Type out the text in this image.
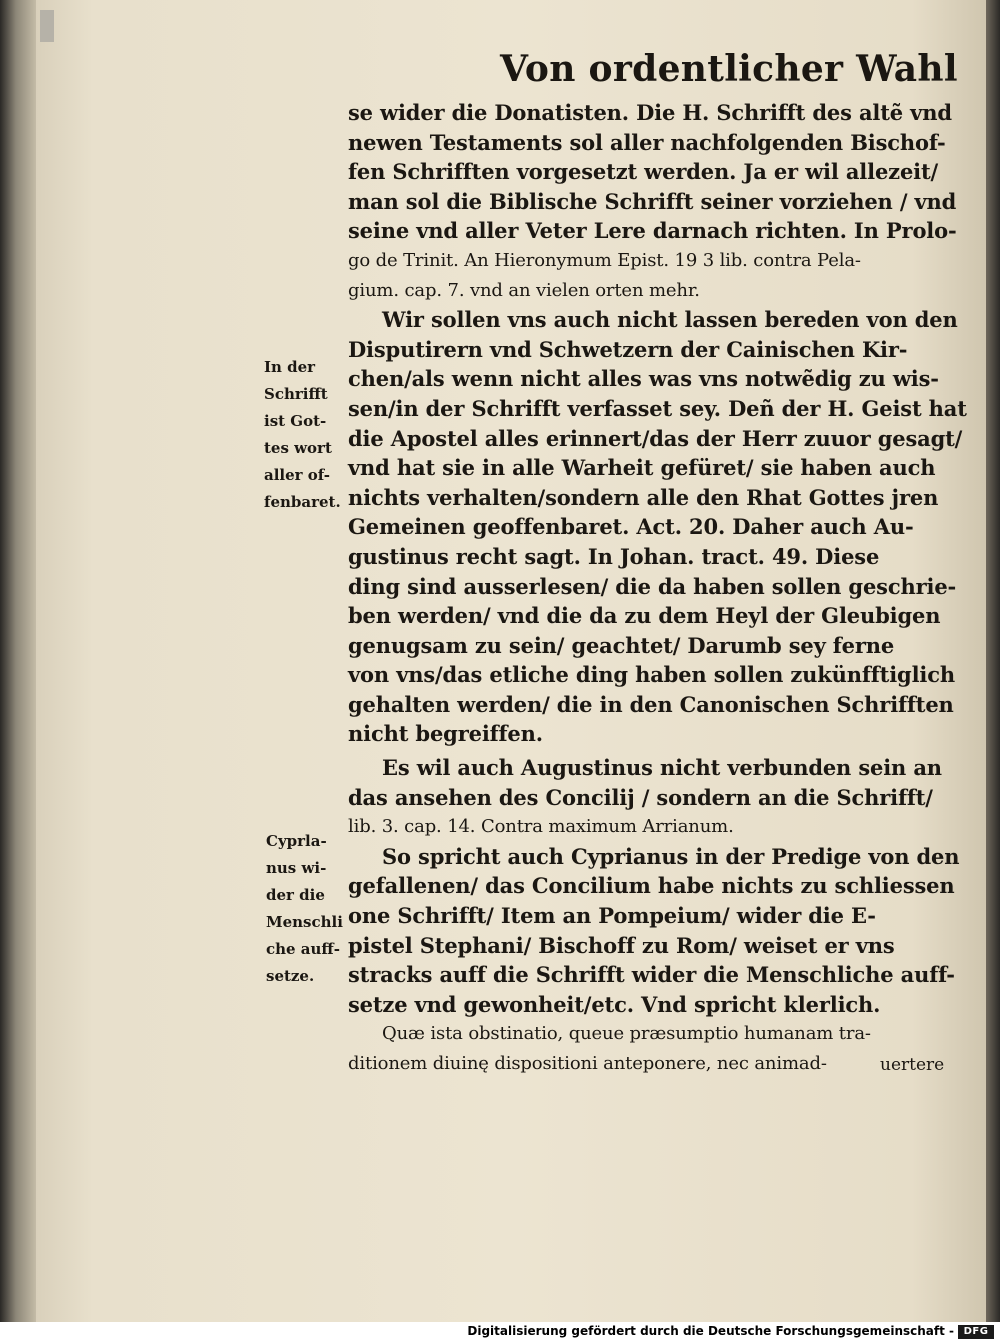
Von ordentlicher Wahl
se wider die Donatisten. Die H. Schrifft des altẽ vnd
newen Testaments sol aller nachfolgenden Bischof-
fen Schrifften vorgesetzt werden. Ja er wil allezeit/
man sol die Biblische Schrifft seiner vorziehen / vnd
seine vnd aller Veter Lere darnach richten. In Prolo-
go de Trinit. An Hieronymum Epist. 19 3 lib. contra Pela-
gium. cap. 7. vnd an vielen orten mehr.
Wir sollen vns auch nicht lassen bereden von den
Disputirern vnd Schwetzern der Cainischen Kir-
chen/als wenn nicht alles was vns notwẽdig zu wis-
sen/in der Schrifft verfasset sey. Deñ der H. Geist hat
die Apostel alles erinnert/das der Herr zuuor gesagt/
vnd hat sie in alle Warheit gefüret/ sie haben auch
nichts verhalten/sondern alle den Rhat Gottes jren
Gemeinen geoffenbaret. Act. 20. Daher auch Au-
gustinus recht sagt. In Johan. tract. 49. Diese
ding sind ausserlesen/ die da haben sollen geschrie-
ben werden/ vnd die da zu dem Heyl der Gleubigen
genugsam zu sein/ geachtet/ Darumb sey ferne
von vns/das etliche ding haben sollen zukünfftiglich
gehalten werden/ die in den Canonischen Schrifften
nicht begreiffen.
Es wil auch Augustinus nicht verbunden sein an
das ansehen des Concilij / sondern an die Schrifft/
lib. 3. cap. 14. Contra maximum Arrianum.
So spricht auch Cyprianus in der Predige von den
gefallenen/ das Concilium habe nichts zu schliessen
one Schrifft/ Item an Pompeium/ wider die E-
pistel Stephani/ Bischoff zu Rom/ weiset er vns
stracks auff die Schrifft wider die Menschliche auff-
setze vnd gewonheit/etc. Vnd spricht klerlich.
Quæ ista obstinatio, queue præsumptio humanam tra-
ditionem diuinę dispositioni anteponere, nec animad-	uertere
In der
Schrifft
ist Got-
tes wort
aller of-
fenbaret.
Cyprla-
nus wi-
der die
Menschli
che auff-
setze.
Digitalisierung gefördert durch die Deutsche Forschungsgemeinschaft - DFG
